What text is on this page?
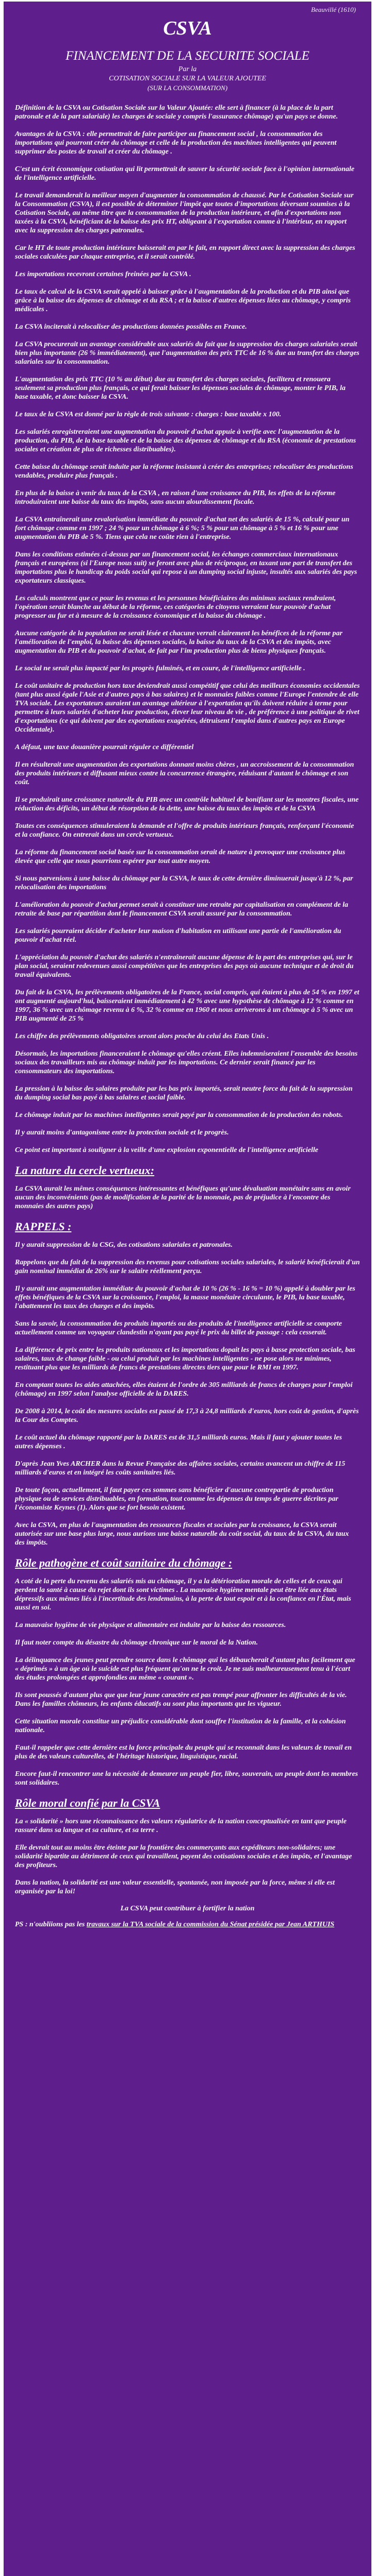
Beauvillé (1610)
CSVA
FINANCEMENT DE LA SECURITE SOCIALE
Par la
COTISATION SOCIALE SUR LA VALEUR AJOUTEE
(SUR LA CONSOMMATION)

Définition de la CSVA ou Cotisation Sociale sur la Valeur Ajoutée: elle sert à financer (à la place de la part patronale et de la part salariale) les charges de sociale y compris l'assurance chômage) qu'un pays se donne.

Avantages de la CSVA : elle permettrait de faire participer au financement social , la consommation des importations qui pourront créer du chômage et celle de la production des machines intelligentes qui peuvent supprimer des postes de travail et créer du chômage .

C'est un écrit économique cotisation qui lit permettrait de sauver la sécurité sociale face à l'opinion internationale de l'intelligence artificielle.

Le travail demanderait la meilleur moyen d'augmenter la consommation de chaussé. Par le Cotisation Sociale sur la Consommation (CSVA), il est possible de déterminer l'impôt que toutes d'importations déversant soumises à la Cotisation Sociale, au même titre que la consommation de la production intérieure, et afin d'exportations non taxées à la CSVA, bénéficiant de la baisse des prix HT, obligeant à l'exportation comme à l'intérieur, en rapport avec la suppression des charges patronales.

Car le HT de toute production intérieure baisserait en par le fait, en rapport direct avec la suppression des charges sociales calculées par chaque entreprise, et il serait contrôlé.

Les importations recevront certaines freinées par la CSVA .

Le taux de calcul de la CSVA serait appelé à baisser grâce à l'augmentation de la production et du PIB ainsi que grâce à la baisse des dépenses de chômage et du RSA ; et la baisse d'autres dépenses liées au chômage, y compris médicales .

La CSVA inciterait à relocaliser des productions données possibles en France.

La CSVA procurerait un avantage considérable aux salariés du fait que la suppression des charges salariales serait bien plus importante (26 % immédiatement), que l'augmentation des prix TTC de 16 % due au transfert des charges salariales sur la consommation.

L'augmentation des prix TTC (10 % au début) due au transfert des charges sociales, facilitera et renouera seulement sa production plus français, ce qui ferait baisser les dépenses sociales de chômage, monter le PIB, la base taxable, et donc baisser la CSVA.

Le taux de la CSVA est donné par la règle de trois suivante : charges : base taxable x 100.

Les salariés enregistreraient une augmentation du pouvoir d'achat appuie à verifie avec l'augmentation de la production, du PIB, de la base taxable et de la baisse des dépenses de chômage et du RSA (économie de prestations sociales et création de plus de richesses distribuables).

Cette baisse du chômage serait induite par la réforme insistant à créer des entreprises; relocaliser des productions vendables, produire plus français .

En plus de la baisse à venir du taux de la CSVA , en raison d'une croissance du PIB, les effets de la réforme introduiraient une baisse du taux des impôts, sans aucun alourdissement fiscale.

La CSVA entraînerait une revalorisation immédiate du pouvoir d'achat net des salariés de 15 %, calculé pour un fort chômage comme en 1997 ; 24 % pour un chômage à 6 %; 5 % pour un chômage à 5 % et 16 % pour une augmentation du PIB de 5 %. Tiens que cela ne coûte rien à l'entreprise.

Dans les conditions estimées ci-dessus par un financement social, les échanges commerciaux internationaux français et européens (si l'Europe nous suit) se feront avec plus de réciproque, en taxant une part de transfert des importations plus le handicap du poids social qui repose à un dumping social injuste, insultés aux salariés des pays exportateurs classiques.

Les calculs montrent que ce pour les revenus et les personnes bénéficiaires des minimas sociaux rendraient, l'opération serait blanche au début de la réforme, ces catégories de citoyens verraient leur pouvoir d'achat progresser au fur et à mesure de la croissance économique et la baisse du chômage .

Aucune catégorie de la population ne serait lésée et chacune verrait clairement les bénéfices de la réforme par l'amélioration de l'emploi, la baisse des dépenses sociales, la baisse du taux de la CSVA et des impôts, avec augmentation du PIB et du pouvoir d'achat, de fait par l'im production plus de biens physiques français.

Le social ne serait plus impacté par les progrès fulminés, et en coure, de l'intelligence artificielle .

Le coût unitaire de production hors taxe deviendrait aussi compétitif que celui des meilleurs économies occidentales (tant plus aussi égale l'Asie et d'autres pays à bas salaires) et le monnaies faibles comme l'Europe l'entendre de elle TVA sociale. Les exportateurs auraient un avantage ultérieur à l'exportation qu'ils doivent réduire à terme pour permettre à leurs salariés d'acheter leur production, élever leur niveau de vie , de préférence à une politique de rivet d'exportations (ce qui doivent par des exportations exagérées, détruisent l'emploi dans d'autres pays en Europe Occidentale).

A défaut, une taxe douanière pourrait réguler ce différentiel

Il en résulterait une augmentation des exportations donnant moins chères , un accroissement de la consommation des produits intérieurs et diffusant mieux contre la concurrence étrangère, réduisant d'autant le chômage et son coût.

Il se produirait une croissance naturelle du PIB avec un contrôle habituel de bonifiant sur les montres fiscales, une réduction des déficits, un début de résorption de la dette, une baisse du taux des impôts et de la CSVA

Toutes ces conséquences stimuleraient la demande et l'offre de produits intérieurs français, renforçant l'économie et la confiance. On entrerait dans un cercle vertueux.

La réforme du financement social basée sur la consommation serait de nature à provoquer une croissance plus élevée que celle que nous pourrions espérer par tout autre moyen.

Si nous parvenions à une baisse du chômage par la CSVA, le taux de cette dernière diminuerait jusqu'à 12 %, par relocalisation des importations

L'amélioration du pouvoir d'achat permet serait à constituer une retraite par capitalisation en complément de la retraite de base par répartition dont le financement CSVA serait assuré par la consommation.

Les salariés pourraient décider d'acheter leur maison d'habitation en utilisant une partie de l'amélioration du pouvoir d'achat réel.

L'appréciation du pouvoir d'achat des salariés n'entraînerait aucune dépense de la part des entreprises qui, sur le plan social, seraient redevenues aussi compétitives que les entreprises des pays où aucune technique et de droit du travail équivalents.

Du fait de la CSVA, les prélèvements obligatoires de la France, social compris, qui étaient à plus de 54 % en 1997 et ont augmenté aujourd'hui, baisseraient immédiatement à 42 % avec une hypothèse de chômage à 12 % comme en 1997, 36 % avec un chômage revenu à 6 %, 32 % comme en 1960 et nous arriverons à un chômage à 5 % avec un PIB augmenté de 25 %

Les chiffre des prélèvements obligatoires seront alors proche du celui des Etats Unis .

Désormais, les importations financeraient le chômage qu'elles créent. Elles indemniseraient l'ensemble des besoins sociaux des travailleurs mis au chômage induit par les importations. Ce dernier serait financé par les consommateurs des importations.

La pression à la baisse des salaires produite par les bas prix importés, serait neutre force du fait de la suppression du dumping social bas payé à bas salaires et social faible.

Le chômage induit par les machines intelligentes serait payé par la consommation de la production des robots.

Il y aurait moins d'antagonisme entre la protection sociale et le progrès.

Ce point est important à souligner à la veille d'une explosion exponentielle de l'intelligence artificielle

La nature du cercle vertueux:

La CSVA aurait les mêmes conséquences intéressantes et bénéfiques qu'une dévaluation monétaire sans en avoir aucun des inconvénients (pas de modification de la parité de la monnaie, pas de préjudice à l'encontre des monnaies des autres pays)

RAPPELS :

Il y aurait suppression de la CSG, des cotisations salariales et patronales.

Rappelons que du fait de la suppression des revenus pour cotisations sociales salariales, le salarié bénéficierait d'un gain nominal immédiat de 26% sur le salaire réellement perçu.

Il y aurait une augmentation immédiate du pouvoir d'achat de 10 % (26 % - 16 % = 10 %) appelé à doubler par les effets bénéfiques de la CSVA sur la croissance, l'emploi, la masse monétaire circulante, le PIB, la base taxable, l'abattement les taux des charges et des impôts.

Sans la savoir, la consommation des produits importés ou des produits de l'intelligence artificielle se comporte actuellement comme un voyageur clandestin n'ayant pas payé le prix du billet de passage : cela cesserait.

La différence de prix entre les produits nationaux et les importations dopait les pays à basse protection sociale, bas salaires, taux de change faible - ou celui produit par les machines intelligentes - ne pose alors ne minimes, restituant plus que les milliards de francs de prestations directes tiers que pour le RMI en 1997.

En comptant toutes les aides attachées, elles étaient de l'ordre de 305 milliards de francs de charges pour l'emploi (chômage) en 1997 selon l'analyse officielle de la DARES.

De 2008 à 2014, le coût des mesures sociales est passé de 17,3 à 24,8 milliards d'euros, hors coût de gestion, d'après la Cour des Comptes.

Le coût actuel du chômage rapporté par la DARES est de 31,5 milliards euros. Mais il faut y ajouter toutes les autres dépenses .

D'après Jean Yves ARCHER dans la Revue Française des affaires sociales, certains avancent un chiffre de 115 milliards d'euros et en intégré les coûts sanitaires liés.

De toute façon, actuellement, il faut payer ces sommes sans bénéficier d'aucune contrepartie de production physique ou de services distribuables, en formation, tout comme les dépenses du temps de guerre décrites par l'économiste Keynes (1). Alors que se fort besoin existent.

Avec la CSVA, en plus de l'augmentation des ressources fiscales et sociales par la croissance, la CSVA serait autorisée sur une base plus large, nous aurions une baisse naturelle du coût social, du taux de la CSVA, du taux des impôts.

Rôle pathogène et coût sanitaire du chômage :

A coté de la perte du revenu des salariés mis au chômage, il y a la détérioration morale de celles et de ceux qui perdent la santé à cause du rejet dont ils sont victimes . La mauvaise hygiène mentale peut être liée aux états dépressifs aux mêmes liés à l'incertitude des lendemains, à la perte de tout espoir et à la confiance en l'État, mais aussi en soi.

La mauvaise hygiène de vie physique et alimentaire est induite par la baisse des ressources.

Il faut noter compte du désastre du chômage chronique sur le moral de la Nation.

La délinquance des jeunes peut prendre source dans le chômage qui les débaucherait d'autant plus facilement que « déprimés » à un âge où le suicide est plus fréquent qu'on ne le croit. Je ne suis malheureusement tenu à l'écart des études prolongées et approfondies au même « courant ».

Ils sont poussés d'autant plus que que leur jeune caractère est pas trempé pour affronter les difficultés de la vie. Dans les familles chômeurs, les enfants éducatifs ou sont plus importants que les vigueur.

Cette situation morale constitue un préjudice considérable dont souffre l'institution de la famille, et la cohésion nationale.

Faut-il rappeler que cette dernière est la force principale du peuple qui se reconnaît dans les valeurs de travail en plus de des valeurs culturelles, de l'héritage historique, linguistique, racial.

Encore faut-il rencontrer une la nécessité de demeurer un peuple fier, libre, souverain, un peuple dont les membres sont solidaires.

Rôle moral confié par la CSVA

La « solidarité » hors une riconnaissance des valeurs régulatrice de la nation conceptualisée en tant que peuple rassuré dans sa langue et sa culture, et sa terre .

Elle devrait tout au moins être éteinte par la frontière des commerçants aux expéditeurs non-solidaires; une solidarité bipartite au détriment de ceux qui travaillent, payent des cotisations sociales et des impôts, et l'avantage des profiteurs.

Dans la nation, la solidarité est une valeur essentielle, spontanée, non imposée par la force, même si elle est organisée par la loi!

La CSVA peut contribuer à fortifier la nation
PS : n'oubliions pas les travaux sur la TVA sociale de la commission du Sénat présidée par Jean ARTHUIS
